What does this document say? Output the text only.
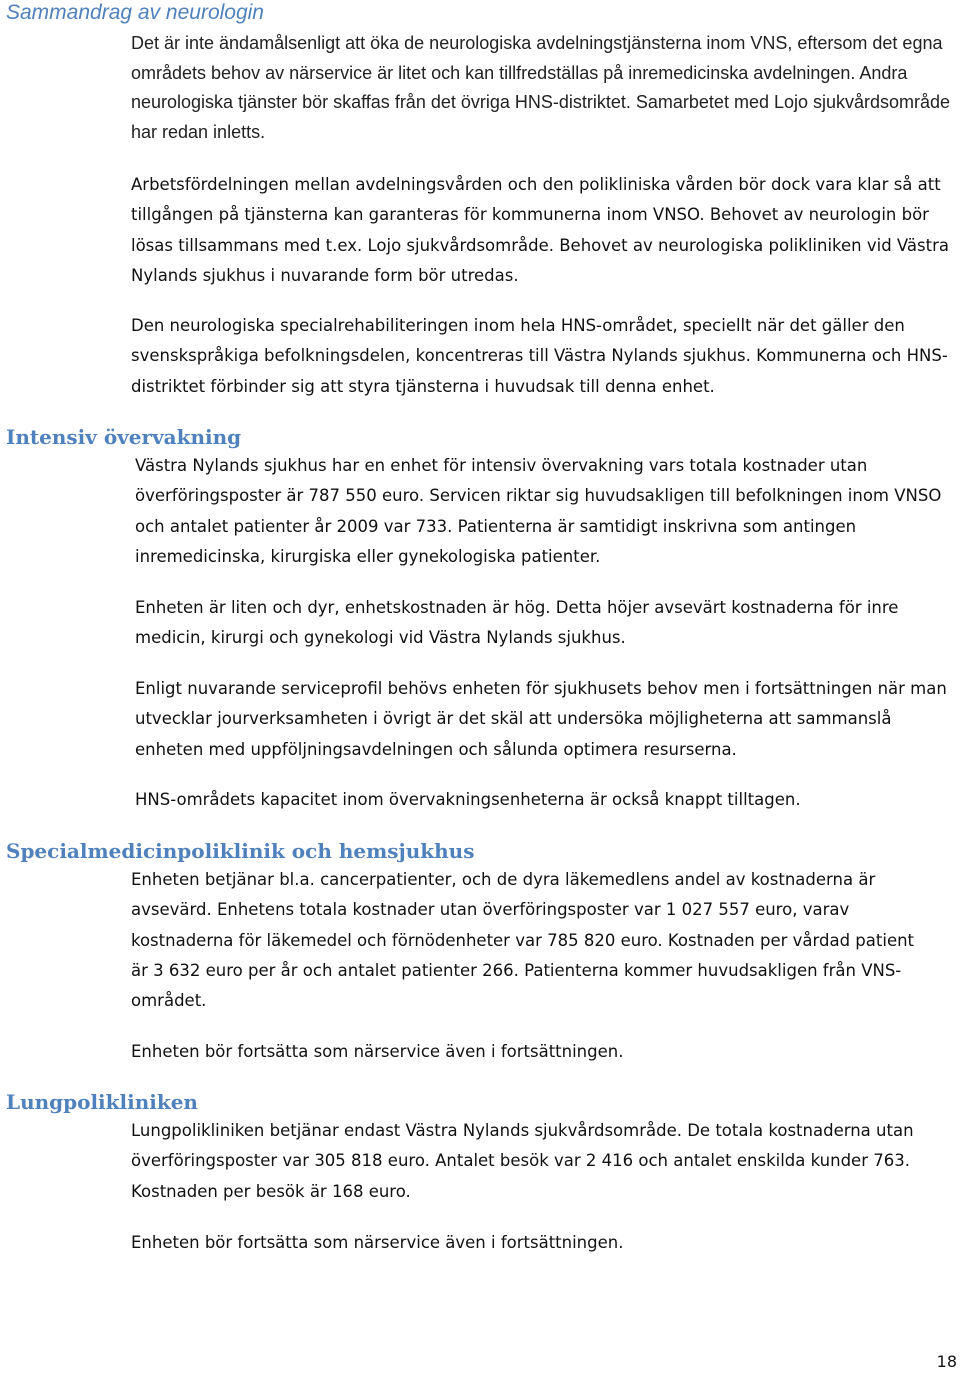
Sammandrag av neurologin

Det är inte ändamålsenligt att öka de neurologiska avdelningstjänsterna inom VNS, eftersom det egna områdets behov av närservice är litet och kan tillfredställas på inremedicinska avdelningen. Andra neurologiska tjänster bör skaffas från det övriga HNS-distriktet. Samarbetet med Lojo sjukvårdsområde har redan inletts.

Arbetsfördelningen mellan avdelningsvården och den polikliniska vården bör dock vara klar så att tillgången på tjänsterna kan garanteras för kommunerna inom VNSO. Behovet av neurologin bör lösas tillsammans med t.ex. Lojo sjukvårdsområde. Behovet av neurologiska polikliniken vid Västra Nylands sjukhus i nuvarande form bör utredas.

Den neurologiska specialrehabiliteringen inom hela HNS-området, speciellt när det gäller den svenskspråkiga befolkningsdelen, koncentreras till Västra Nylands sjukhus. Kommunerna och HNS-distriktet förbinder sig att styra tjänsterna i huvudsak till denna enhet.

Intensiv övervakning

Västra Nylands sjukhus har en enhet för intensiv övervakning vars totala kostnader utan överföringsposter är 787 550 euro. Servicen riktar sig huvudsakligen till befolkningen inom VNSO och antalet patienter år 2009 var 733. Patienterna är samtidigt inskrivna som antingen inremedicinska, kirurgiska eller gynekologiska patienter.

Enheten är liten och dyr, enhetskostnaden är hög. Detta höjer avsevärt kostnaderna för inre medicin, kirurgi och gynekologi vid Västra Nylands sjukhus.

Enligt nuvarande serviceprofil behövs enheten för sjukhusets behov men i fortsättningen när man utvecklar jourverksamheten i övrigt är det skäl att undersöka möjligheterna att sammanslå enheten med uppföljningsavdelningen och sålunda optimera resurserna.

HNS-områdets kapacitet inom övervakningsenheterna är också knappt tilltagen.

Specialmedicinpoliklinik och hemsjukhus

Enheten betjänar bl.a. cancerpatienter, och de dyra läkemedlens andel av kostnaderna är avsevärd. Enhetens totala kostnader utan överföringsposter var 1 027 557 euro, varav kostnaderna för läkemedel och förnödenheter var 785 820 euro. Kostnaden per vårdad patient är 3 632 euro per år och antalet patienter 266. Patienterna kommer huvudsakligen från VNS-området.

Enheten bör fortsätta som närservice även i fortsättningen.

Lungpolikliniken

Lungpolikliniken betjänar endast Västra Nylands sjukvårdsområde. De totala kostnaderna utan överföringsposter var 305 818 euro. Antalet besök var 2 416 och antalet enskilda kunder 763. Kostnaden per besök är 168 euro.

Enheten bör fortsätta som närservice även i fortsättningen.

18
